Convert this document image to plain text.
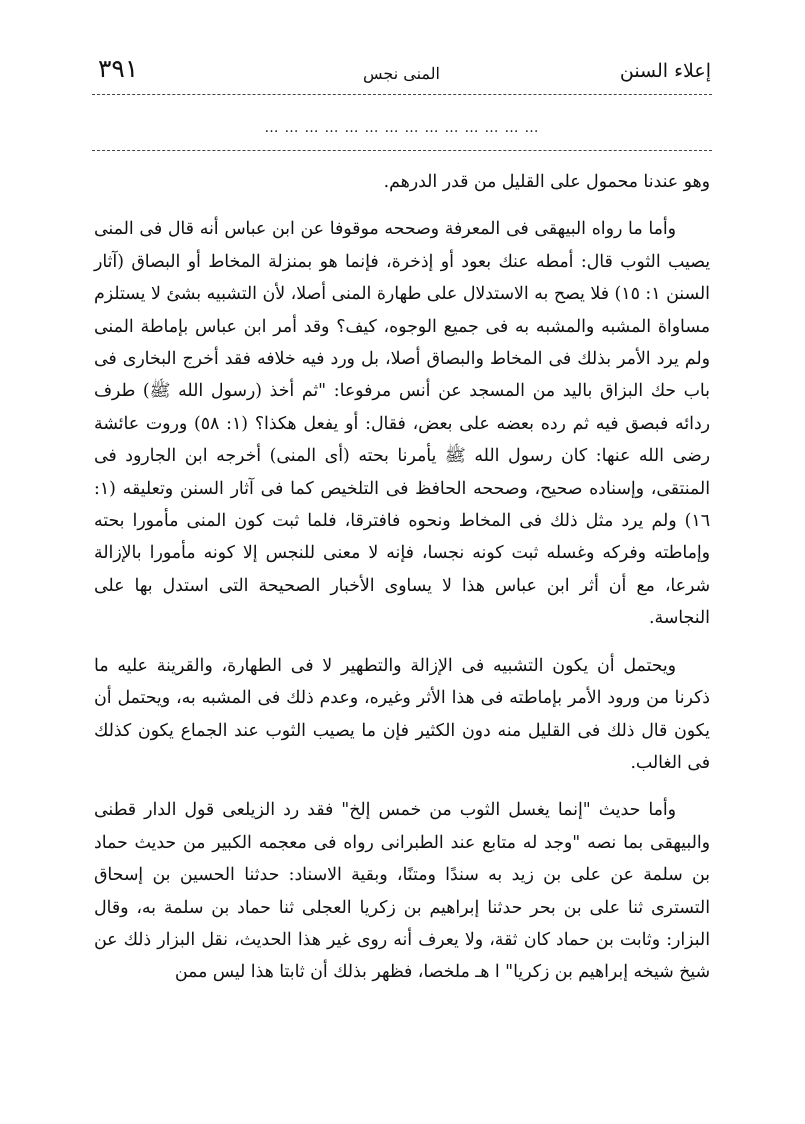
إعلاء السنن
المنى نجس
٣٩١
……………………………………

وهو عندنا محمول على القليل من قدر الدرهم.

وأما ما رواه البيهقى فى المعرفة وصححه موقوفا عن ابن عباس أنه قال فى المنى يصيب الثوب قال: أمطه عنك بعود أو إذخرة، فإنما هو بمنزلة المخاط أو البصاق (آثار السنن ١: ١٥) فلا يصح به الاستدلال على طهارة المنى أصلا، لأن التشبيه بشئ لا يستلزم مساواة المشبه والمشبه به فى جميع الوجوه، كيف؟ وقد أمر ابن عباس بإماطة المنى ولم يرد الأمر بذلك فى المخاط والبصاق أصلا، بل ورد فيه خلافه فقد أخرج البخارى فى باب حك البزاق باليد من المسجد عن أنس مرفوعا: "ثم أخذ (رسول الله ﷺ) طرف ردائه فبصق فيه ثم رده بعضه على بعض، فقال: أو يفعل هكذا؟ (١: ٥٨) وروت عائشة رضى الله عنها: كان رسول الله ﷺ يأمرنا بحته (أى المنى) أخرجه ابن الجارود فى المنتقى، وإسناده صحيح، وصححه الحافظ فى التلخيص كما فى آثار السنن وتعليقه (١: ١٦) ولم يرد مثل ذلك فى المخاط ونحوه فافترقا، فلما ثبت كون المنى مأمورا بحته وإماطته وفركه وغسله ثبت كونه نجسا، فإنه لا معنى للنجس إلا كونه مأمورا بالإزالة شرعا، مع أن أثر ابن عباس هذا لا يساوى الأخبار الصحيحة التى استدل بها على النجاسة.

ويحتمل أن يكون التشبيه فى الإزالة والتطهير لا فى الطهارة، والقرينة عليه ما ذكرنا من ورود الأمر بإماطته فى هذا الأثر وغيره، وعدم ذلك فى المشبه به، ويحتمل أن يكون قال ذلك فى القليل منه دون الكثير فإن ما يصيب الثوب عند الجماع يكون كذلك فى الغالب.

وأما حديث "إنما يغسل الثوب من خمس إلخ" فقد رد الزيلعى قول الدار قطنى والبيهقى بما نصه "وجد له متابع عند الطبرانى رواه فى معجمه الكبير من حديث حماد بن سلمة عن على بن زيد به سندًا ومتنًا، وبقية الاسناد: حدثنا الحسين بن إسحاق التسترى ثنا على بن بحر حدثنا إبراهيم بن زكريا العجلى ثنا حماد بن سلمة به، وقال البزار: وثابت بن حماد كان ثقة، ولا يعرف أنه روى غير هذا الحديث، نقل البزار ذلك عن شيخ شيخه إبراهيم بن زكريا" ا هـ ملخصا، فظهر بذلك أن ثابتا هذا ليس ممن
